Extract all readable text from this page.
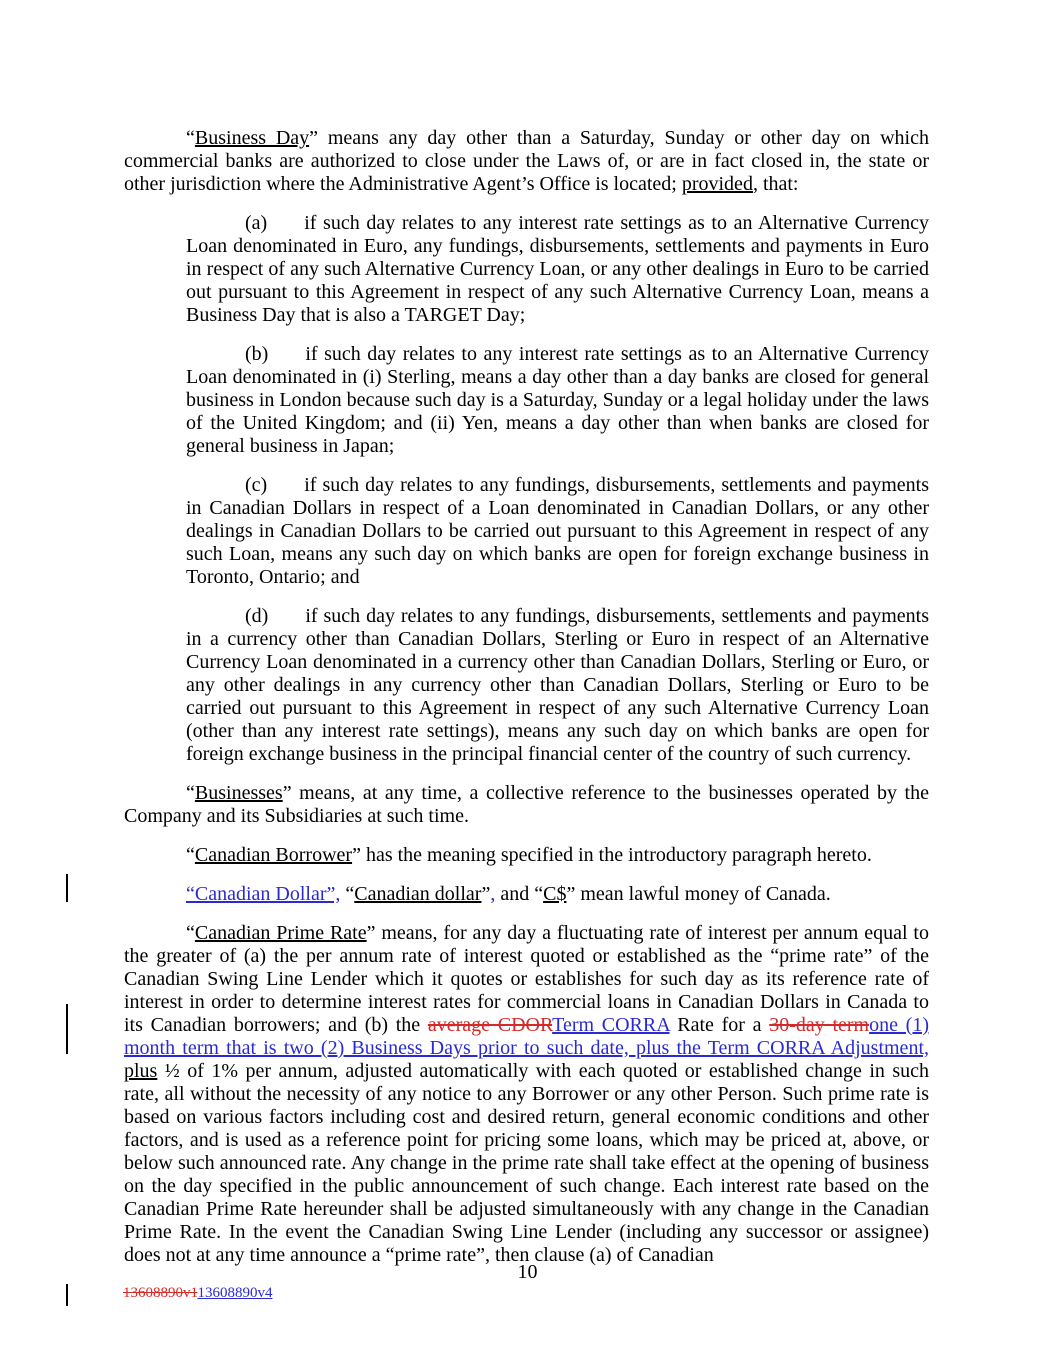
“Business Day” means any day other than a Saturday, Sunday or other day on which commercial banks are authorized to close under the Laws of, or are in fact closed in, the state or other jurisdiction where the Administrative Agent’s Office is located; provided, that:
(a) if such day relates to any interest rate settings as to an Alternative Currency Loan denominated in Euro, any fundings, disbursements, settlements and payments in Euro in respect of any such Alternative Currency Loan, or any other dealings in Euro to be carried out pursuant to this Agreement in respect of any such Alternative Currency Loan, means a Business Day that is also a TARGET Day;
(b) if such day relates to any interest rate settings as to an Alternative Currency Loan denominated in (i) Sterling, means a day other than a day banks are closed for general business in London because such day is a Saturday, Sunday or a legal holiday under the laws of the United Kingdom; and (ii) Yen, means a day other than when banks are closed for general business in Japan;
(c) if such day relates to any fundings, disbursements, settlements and payments in Canadian Dollars in respect of a Loan denominated in Canadian Dollars, or any other dealings in Canadian Dollars to be carried out pursuant to this Agreement in respect of any such Loan, means any such day on which banks are open for foreign exchange business in Toronto, Ontario; and
(d) if such day relates to any fundings, disbursements, settlements and payments in a currency other than Canadian Dollars, Sterling or Euro in respect of an Alternative Currency Loan denominated in a currency other than Canadian Dollars, Sterling or Euro, or any other dealings in any currency other than Canadian Dollars, Sterling or Euro to be carried out pursuant to this Agreement in respect of any such Alternative Currency Loan (other than any interest rate settings), means any such day on which banks are open for foreign exchange business in the principal financial center of the country of such currency.
“Businesses” means, at any time, a collective reference to the businesses operated by the Company and its Subsidiaries at such time.
“Canadian Borrower” has the meaning specified in the introductory paragraph hereto.
“Canadian Dollar”, “Canadian dollar”, and “C$” mean lawful money of Canada.
“Canadian Prime Rate” means, for any day a fluctuating rate of interest per annum equal to the greater of (a) the per annum rate of interest quoted or established as the “prime rate” of the Canadian Swing Line Lender which it quotes or establishes for such day as its reference rate of interest in order to determine interest rates for commercial loans in Canadian Dollars in Canada to its Canadian borrowers; and (b) the average CDORTerm CORRA Rate for a 30-day termone (1) month term that is two (2) Business Days prior to such date, plus the Term CORRA Adjustment, plus ½ of 1% per annum, adjusted automatically with each quoted or established change in such rate, all without the necessity of any notice to any Borrower or any other Person. Such prime rate is based on various factors including cost and desired return, general economic conditions and other factors, and is used as a reference point for pricing some loans, which may be priced at, above, or below such announced rate. Any change in the prime rate shall take effect at the opening of business on the day specified in the public announcement of such change. Each interest rate based on the Canadian Prime Rate hereunder shall be adjusted simultaneously with any change in the Canadian Prime Rate. In the event the Canadian Swing Line Lender (including any successor or assignee) does not at any time announce a “prime rate”, then clause (a) of Canadian
10
13608890v113608890v4
